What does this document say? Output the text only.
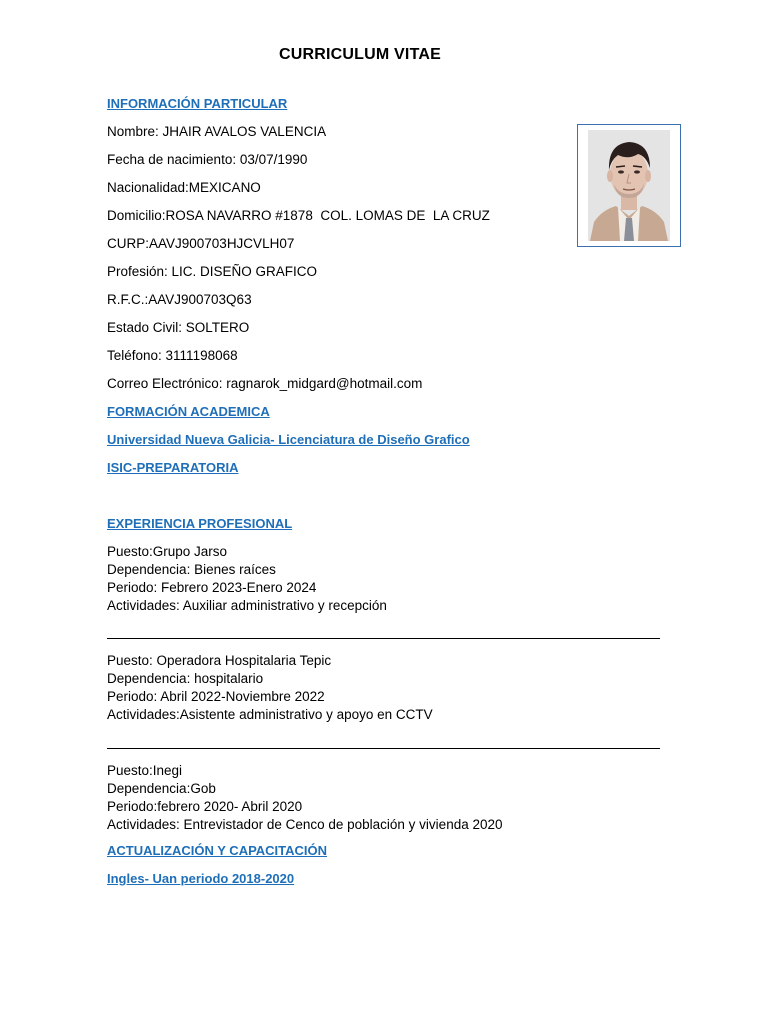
CURRICULUM VITAE
INFORMACIÓN PARTICULAR
Nombre: JHAIR AVALOS VALENCIA
Fecha de nacimiento: 03/07/1990
Nacionalidad:MEXICANO
Domicilio:ROSA NAVARRO #1878  COL. LOMAS DE  LA CRUZ
CURP:AAVJ900703HJCVLH07
Profesión: LIC. DISEÑO GRAFICO
R.F.C.:AAVJ900703Q63
Estado Civil: SOLTERO
Teléfono: 3111198068
Correo Electrónico: ragnarok_midgard@hotmail.com
FORMACIÓN ACADEMICA
Universidad Nueva Galicia- Licenciatura de Diseño Grafico
ISIC-PREPARATORIA
EXPERIENCIA PROFESIONAL
Puesto:Grupo Jarso
Dependencia: Bienes raíces
Periodo: Febrero 2023-Enero 2024
Actividades: Auxiliar administrativo y recepción
Puesto: Operadora Hospitalaria Tepic
Dependencia: hospitalario
Periodo: Abril 2022-Noviembre 2022
Actividades:Asistente administrativo y apoyo en CCTV
Puesto:Inegi
Dependencia:Gob
Periodo:febrero 2020- Abril 2020
Actividades: Entrevistador de Cenco de población y vivienda 2020
ACTUALIZACIÓN Y CAPACITACIÓN
Ingles- Uan periodo 2018-2020
